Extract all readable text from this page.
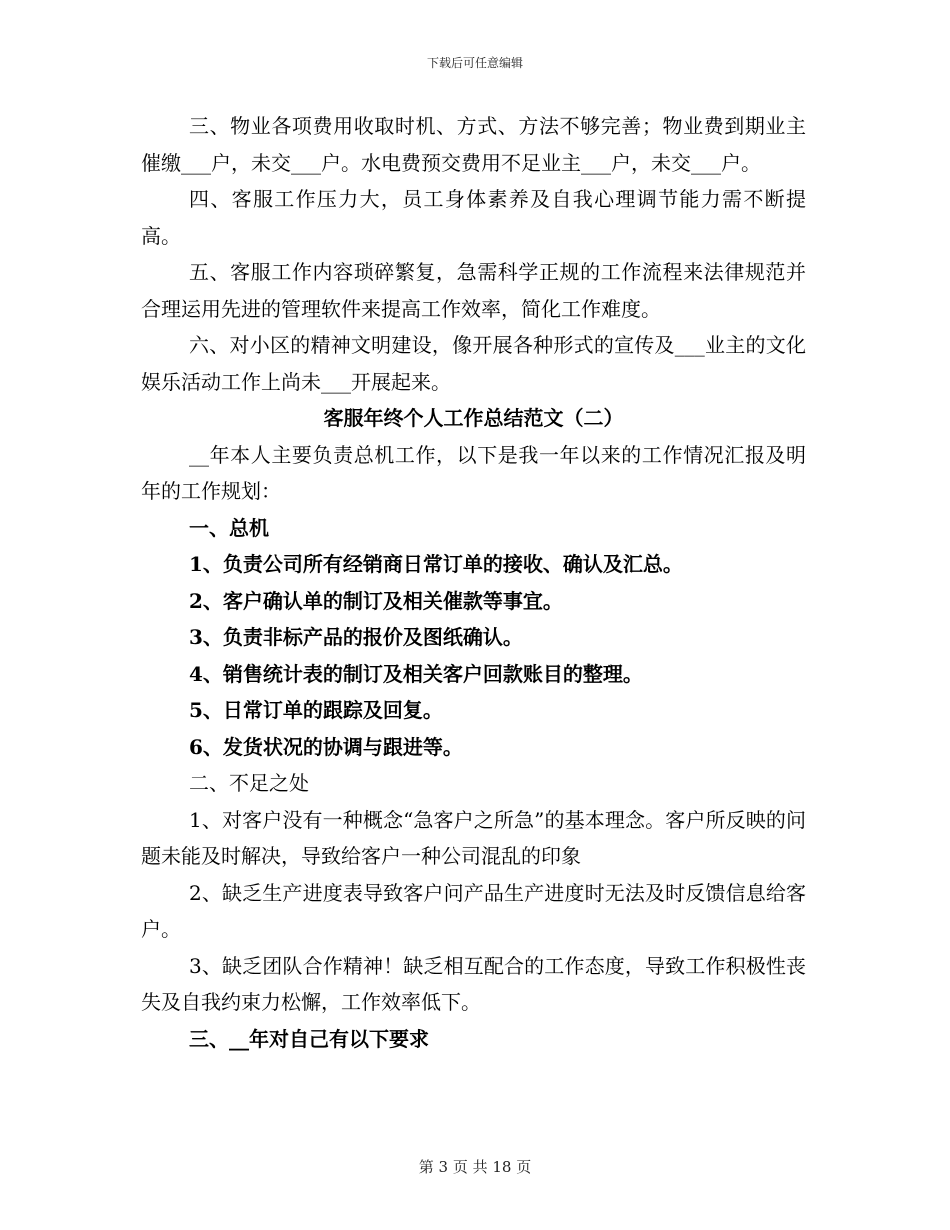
下载后可任意编辑

三、物业各项费用收取时机、方式、方法不够完善；物业费到期业主催缴___户，未交___户。水电费预交费用不足业主___户，未交___户。

四、客服工作压力大，员工身体素养及自我心理调节能力需不断提高。

五、客服工作内容琐碎繁复，急需科学正规的工作流程来法律规范并合理运用先进的管理软件来提高工作效率，简化工作难度。

六、对小区的精神文明建设，像开展各种形式的宣传及___业主的文化娱乐活动工作上尚未___开展起来。

客服年终个人工作总结范文（二）

__年本人主要负责总机工作，以下是我一年以来的工作情况汇报及明年的工作规划：

一、总机

1、负责公司所有经销商日常订单的接收、确认及汇总。

2、客户确认单的制订及相关催款等事宜。

3、负责非标产品的报价及图纸确认。

4、销售统计表的制订及相关客户回款账目的整理。

5、日常订单的跟踪及回复。

6、发货状况的协调与跟进等。

二、不足之处

1、对客户没有一种概念“急客户之所急”的基本理念。客户所反映的问题未能及时解决，导致给客户一种公司混乱的印象

2、缺乏生产进度表导致客户问产品生产进度时无法及时反馈信息给客户。

3、缺乏团队合作精神！缺乏相互配合的工作态度，导致工作积极性丧失及自我约束力松懈，工作效率低下。

三、__年对自己有以下要求

第 3 页 共 18 页
